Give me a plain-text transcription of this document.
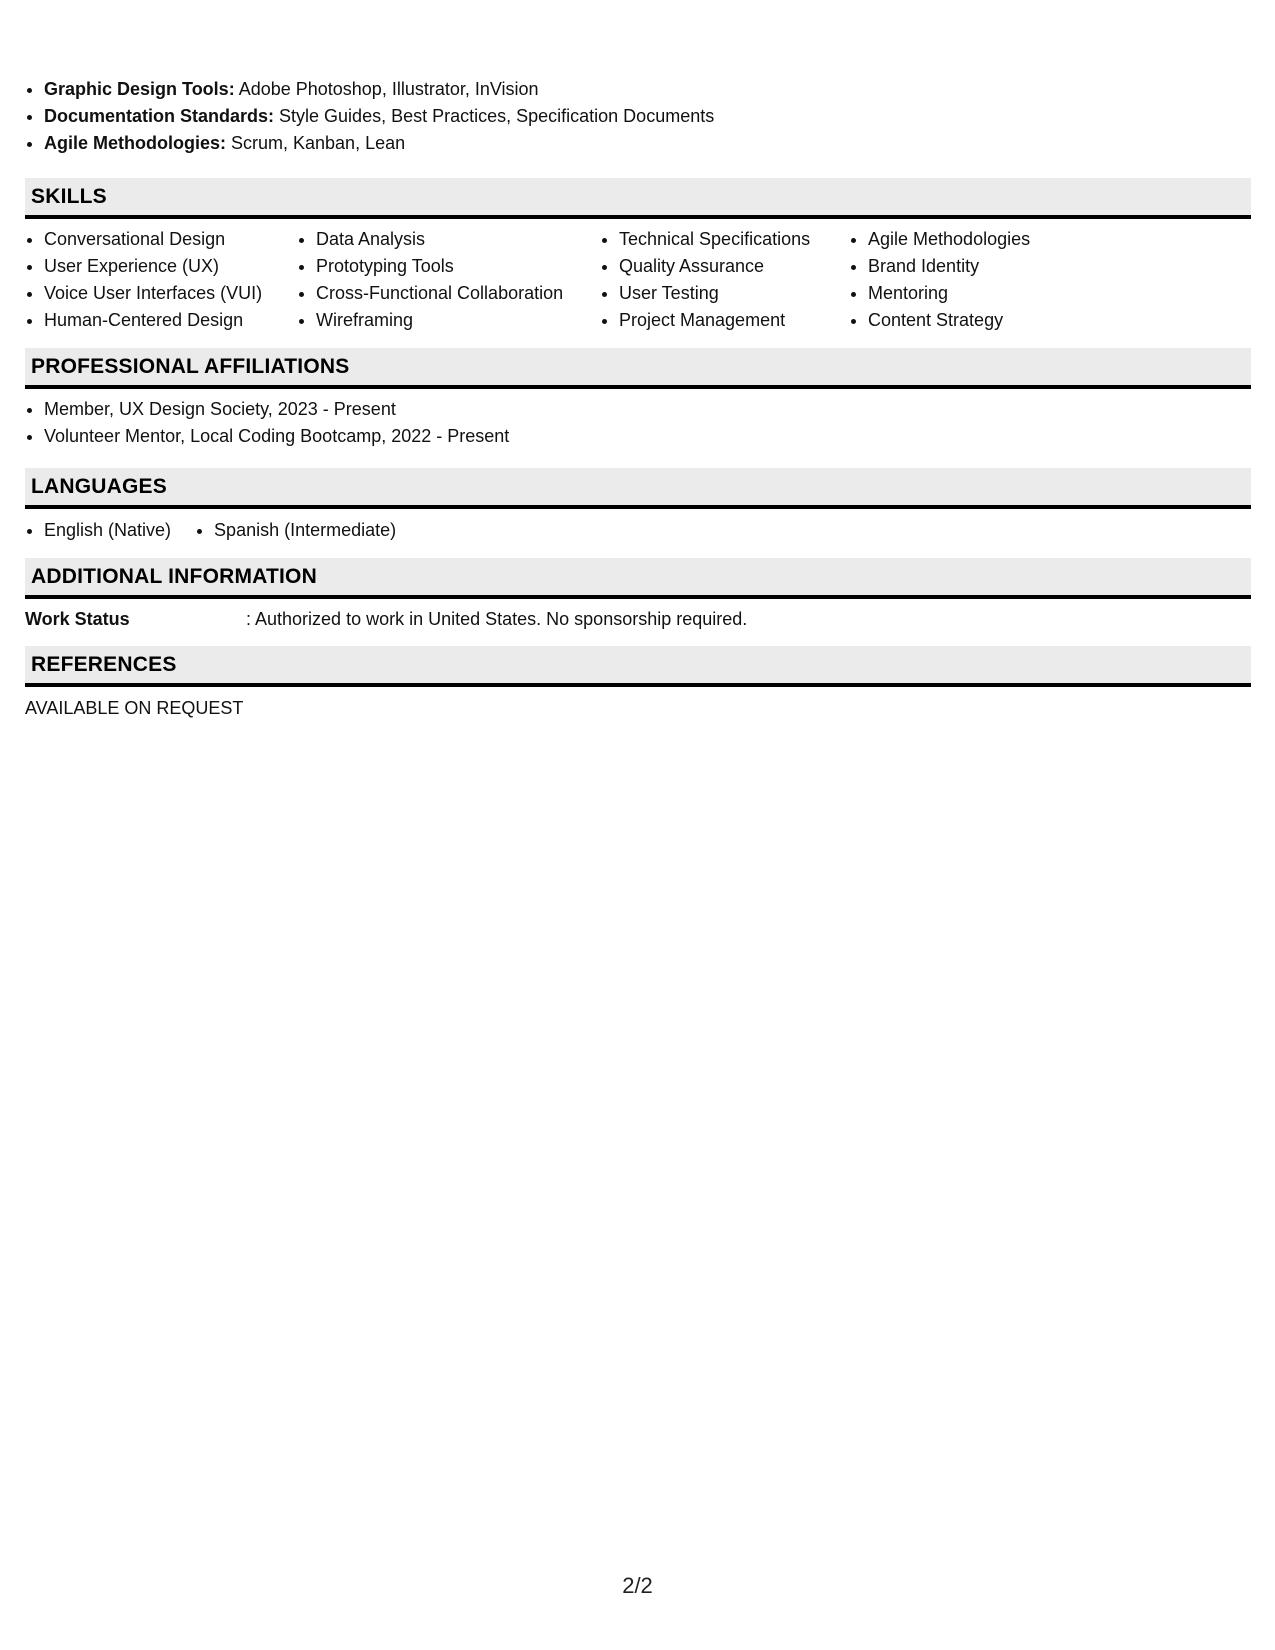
Graphic Design Tools: Adobe Photoshop, Illustrator, InVision
Documentation Standards: Style Guides, Best Practices, Specification Documents
Agile Methodologies: Scrum, Kanban, Lean
SKILLS
Conversational Design
User Experience (UX)
Voice User Interfaces (VUI)
Human-Centered Design
Data Analysis
Prototyping Tools
Cross-Functional Collaboration
Wireframing
Technical Specifications
Quality Assurance
User Testing
Project Management
Agile Methodologies
Brand Identity
Mentoring
Content Strategy
PROFESSIONAL AFFILIATIONS
Member, UX Design Society, 2023 - Present
Volunteer Mentor, Local Coding Bootcamp, 2022 - Present
LANGUAGES
English (Native)	Spanish (Intermediate)
ADDITIONAL INFORMATION
Work Status	: Authorized to work in United States. No sponsorship required.
REFERENCES
AVAILABLE ON REQUEST
2/2
